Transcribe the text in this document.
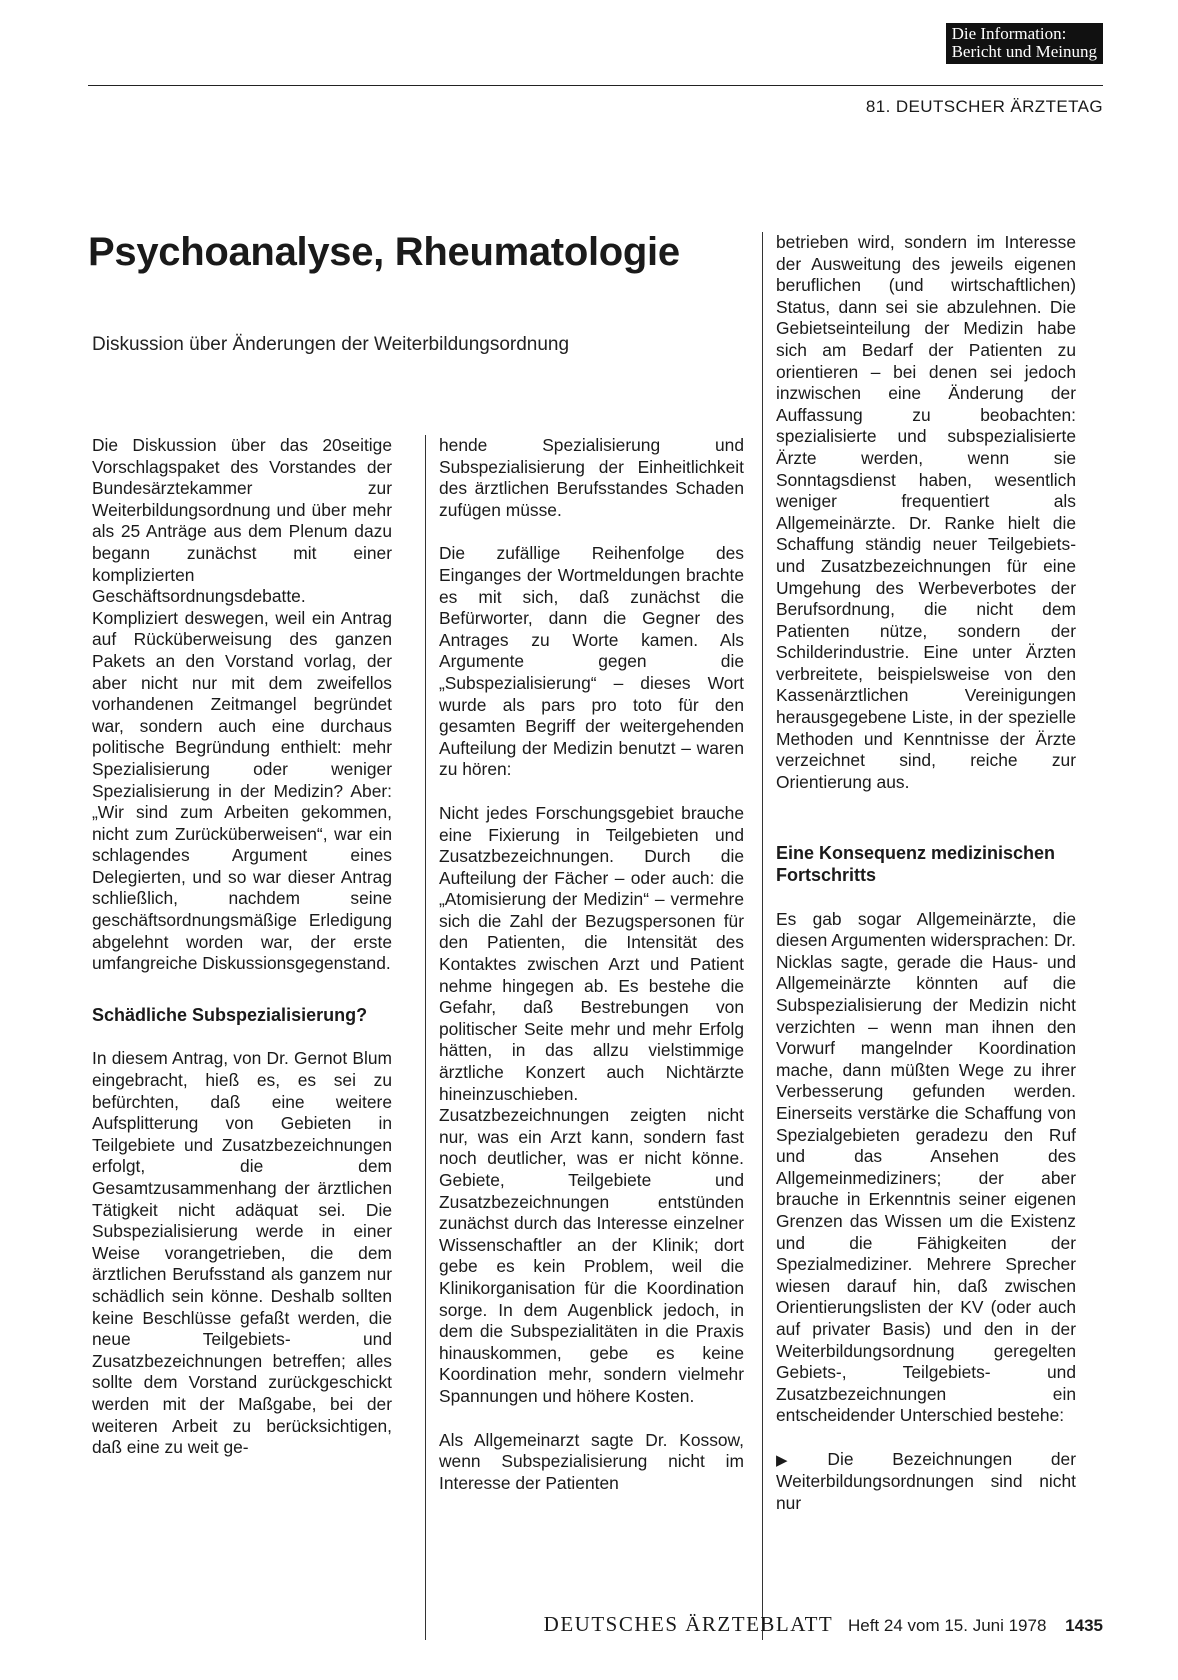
Die Information:
Bericht und Meinung
81. DEUTSCHER ÄRZTETAG
Psychoanalyse, Rheumatologie
Diskussion über Änderungen der Weiterbildungsordnung

Die Diskussion über das 20seitige Vorschlagspaket des Vorstandes der Bundesärztekammer zur Weiterbildungsordnung und über mehr als 25 Anträge aus dem Plenum dazu begann zunächst mit einer komplizierten Geschäftsordnungsdebatte. Kompliziert deswegen, weil ein Antrag auf Rücküberweisung des ganzen Pakets an den Vorstand vorlag, der aber nicht nur mit dem zweifellos vorhandenen Zeitmangel begründet war, sondern auch eine durchaus politische Begründung enthielt: mehr Spezialisierung oder weniger Spezialisierung in der Medizin? Aber: „Wir sind zum Arbeiten gekommen, nicht zum Zurücküberweisen“, war ein schlagendes Argument eines Delegierten, und so war dieser Antrag schließlich, nachdem seine geschäftsordnungsmäßige Erledigung abgelehnt worden war, der erste umfangreiche Diskussionsgegenstand.

Schädliche Subspezialisierung?

In diesem Antrag, von Dr. Gernot Blum eingebracht, hieß es, es sei zu befürchten, daß eine weitere Aufsplitterung von Gebieten in Teilgebiete und Zusatzbezeichnungen erfolgt, die dem Gesamtzusammenhang der ärztlichen Tätigkeit nicht adäquat sei. Die Subspezialisierung werde in einer Weise vorangetrieben, die dem ärztlichen Berufsstand als ganzem nur schädlich sein könne. Deshalb sollten keine Beschlüsse gefaßt werden, die neue Teilgebiets- und Zusatzbezeichnungen betreffen; alles sollte dem Vorstand zurückgeschickt werden mit der Maßgabe, bei der weiteren Arbeit zu berücksichtigen, daß eine zu weit ge-

hende Spezialisierung und Subspezialisierung der Einheitlichkeit des ärztlichen Berufsstandes Schaden zufügen müsse.

Die zufällige Reihenfolge des Einganges der Wortmeldungen brachte es mit sich, daß zunächst die Befürworter, dann die Gegner des Antrages zu Worte kamen. Als Argumente gegen die „Subspezialisierung“ – dieses Wort wurde als pars pro toto für den gesamten Begriff der weitergehenden Aufteilung der Medizin benutzt – waren zu hören:

Nicht jedes Forschungsgebiet brauche eine Fixierung in Teilgebieten und Zusatzbezeichnungen. Durch die Aufteilung der Fächer – oder auch: die „Atomisierung der Medizin“ – vermehre sich die Zahl der Bezugspersonen für den Patienten, die Intensität des Kontaktes zwischen Arzt und Patient nehme hingegen ab. Es bestehe die Gefahr, daß Bestrebungen von politischer Seite mehr und mehr Erfolg hätten, in das allzu vielstimmige ärztliche Konzert auch Nichtärzte hineinzuschieben. Zusatzbezeichnungen zeigten nicht nur, was ein Arzt kann, sondern fast noch deutlicher, was er nicht könne. Gebiete, Teilgebiete und Zusatzbezeichnungen entstünden zunächst durch das Interesse einzelner Wissenschaftler an der Klinik; dort gebe es kein Problem, weil die Klinikorganisation für die Koordination sorge. In dem Augenblick jedoch, in dem die Subspezialitäten in die Praxis hinauskommen, gebe es keine Koordination mehr, sondern vielmehr Spannungen und höhere Kosten.

Als Allgemeinarzt sagte Dr. Kossow, wenn Subspezialisierung nicht im Interesse der Patienten

betrieben wird, sondern im Interesse der Ausweitung des jeweils eigenen beruflichen (und wirtschaftlichen) Status, dann sei sie abzulehnen. Die Gebietseinteilung der Medizin habe sich am Bedarf der Patienten zu orientieren – bei denen sei jedoch inzwischen eine Änderung der Auffassung zu beobachten: spezialisierte und subspezialisierte Ärzte werden, wenn sie Sonntagsdienst haben, wesentlich weniger frequentiert als Allgemeinärzte. Dr. Ranke hielt die Schaffung ständig neuer Teilgebiets- und Zusatzbezeichnungen für eine Umgehung des Werbeverbotes der Berufsordnung, die nicht dem Patienten nütze, sondern der Schilderindustrie. Eine unter Ärzten verbreitete, beispielsweise von den Kassenärztlichen Vereinigungen herausgegebene Liste, in der spezielle Methoden und Kenntnisse der Ärzte verzeichnet sind, reiche zur Orientierung aus.

Eine Konsequenz medizinischen Fortschritts

Es gab sogar Allgemeinärzte, die diesen Argumenten widersprachen: Dr. Nicklas sagte, gerade die Haus- und Allgemeinärzte könnten auf die Subspezialisierung der Medizin nicht verzichten – wenn man ihnen den Vorwurf mangelnder Koordination mache, dann müßten Wege zu ihrer Verbesserung gefunden werden. Einerseits verstärke die Schaffung von Spezialgebieten geradezu den Ruf und das Ansehen des Allgemeinmediziners; der aber brauche in Erkenntnis seiner eigenen Grenzen das Wissen um die Existenz und die Fähigkeiten der Spezialmediziner. Mehrere Sprecher wiesen darauf hin, daß zwischen Orientierungslisten der KV (oder auch auf privater Basis) und den in der Weiterbildungsordnung geregelten Gebiets-, Teilgebiets- und Zusatzbezeichnungen ein entscheidender Unterschied bestehe:

▶ Die Bezeichnungen der Weiterbildungsordnungen sind nicht nur

DEUTSCHES ÄRZTEBLATT Heft 24 vom 15. Juni 1978 1435
